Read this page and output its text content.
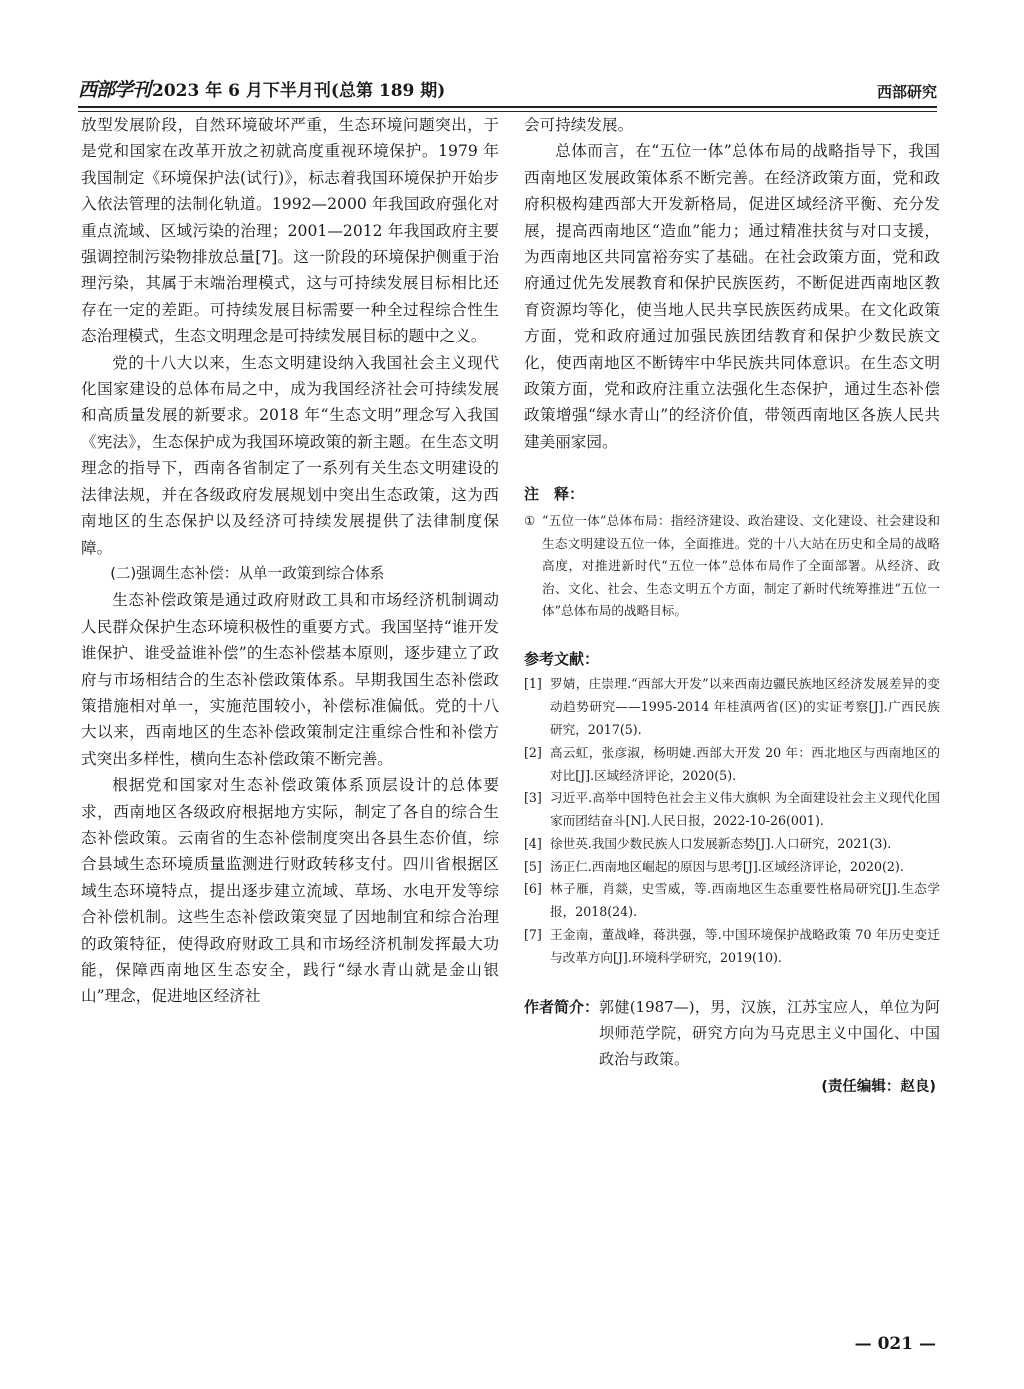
西部学刊 2023 年 6 月下半月刊(总第 189 期)	西部研究

放型发展阶段，自然环境破坏严重，生态环境问题突出，于是党和国家在改革开放之初就高度重视环境保护。1979 年我国制定《环境保护法(试行)》，标志着我国环境保护开始步入依法管理的法制化轨道。1992—2000 年我国政府强化对重点流域、区域污染的治理；2001—2012 年我国政府主要强调控制污染物排放总量[7]。这一阶段的环境保护侧重于治理污染，其属于末端治理模式，这与可持续发展目标相比还存在一定的差距。可持续发展目标需要一种全过程综合性生态治理模式，生态文明理念是可持续发展目标的题中之义。

党的十八大以来，生态文明建设纳入我国社会主义现代化国家建设的总体布局之中，成为我国经济社会可持续发展和高质量发展的新要求。2018 年“生态文明”理念写入我国《宪法》，生态保护成为我国环境政策的新主题。在生态文明理念的指导下，西南各省制定了一系列有关生态文明建设的法律法规，并在各级政府发展规划中突出生态政策，这为西南地区的生态保护以及经济可持续发展提供了法律制度保障。

(二)强调生态补偿：从单一政策到综合体系

生态补偿政策是通过政府财政工具和市场经济机制调动人民群众保护生态环境积极性的重要方式。我国坚持“谁开发谁保护、谁受益谁补偿”的生态补偿基本原则，逐步建立了政府与市场相结合的生态补偿政策体系。早期我国生态补偿政策措施相对单一，实施范围较小，补偿标准偏低。党的十八大以来，西南地区的生态补偿政策制定注重综合性和补偿方式突出多样性，横向生态补偿政策不断完善。

根据党和国家对生态补偿政策体系顶层设计的总体要求，西南地区各级政府根据地方实际，制定了各自的综合生态补偿政策。云南省的生态补偿制度突出各县生态价值，综合县域生态环境质量监测进行财政转移支付。四川省根据区域生态环境特点，提出逐步建立流域、草场、水电开发等综合补偿机制。这些生态补偿政策突显了因地制宜和综合治理的政策特征，使得政府财政工具和市场经济机制发挥最大功能，保障西南地区生态安全，践行“绿水青山就是金山银山”理念，促进地区经济社

会可持续发展。

总体而言，在“五位一体”总体布局的战略指导下，我国西南地区发展政策体系不断完善。在经济政策方面，党和政府积极构建西部大开发新格局，促进区域经济平衡、充分发展，提高西南地区“造血”能力；通过精准扶贫与对口支援，为西南地区共同富裕夯实了基础。在社会政策方面，党和政府通过优先发展教育和保护民族医药，不断促进西南地区教育资源均等化，使当地人民共享民族医药成果。在文化政策方面，党和政府通过加强民族团结教育和保护少数民族文化，使西南地区不断铸牢中华民族共同体意识。在生态文明政策方面，党和政府注重立法强化生态保护，通过生态补偿政策增强“绿水青山”的经济价值，带领西南地区各族人民共建美丽家园。

注　释：
① “五位一体”总体布局：指经济建设、政治建设、文化建设、社会建设和生态文明建设五位一体，全面推进。党的十八大站在历史和全局的战略高度，对推进新时代“五位一体”总体布局作了全面部署。从经济、政治、文化、社会、生态文明五个方面，制定了新时代统筹推进“五位一体”总体布局的战略目标。
参考文献：
[1] 罗婧，庄崇理.“西部大开发”以来西南边疆民族地区经济发展差异的变动趋势研究——1995-2014 年桂滇两省(区)的实证考察[J].广西民族研究，2017(5).
[2] 高云虹，张彦淑，杨明婕.西部大开发 20 年：西北地区与西南地区的对比[J].区域经济评论，2020(5).
[3] 习近平.高举中国特色社会主义伟大旗帜 为全面建设社会主义现代化国家而团结奋斗[N].人民日报，2022-10-26(001).
[4] 徐世英.我国少数民族人口发展新态势[J].人口研究，2021(3).
[5] 汤正仁.西南地区崛起的原因与思考[J].区域经济评论，2020(2).
[6] 林子雁，肖燚，史雪威，等.西南地区生态重要性格局研究[J].生态学报，2018(24).
[7] 王金南，董战峰，蒋洪强，等.中国环境保护战略政策 70 年历史变迁与改革方向[J].环境科学研究，2019(10).
作者简介： 郭健(1987—)，男，汉族，江苏宝应人，单位为阿坝师范学院，研究方向为马克思主义中国化、中国政治与政策。
(责任编辑：赵良)
— 021 —
